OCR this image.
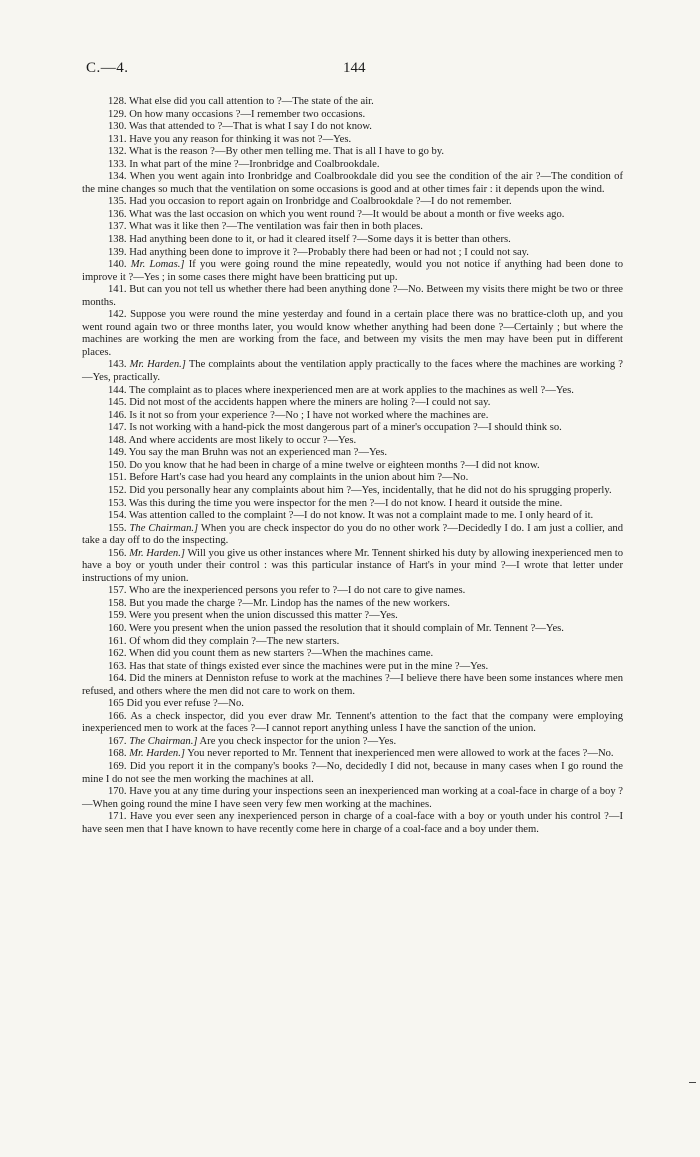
C.—4.	144

128. What else did you call attention to ?—The state of the air.

129. On how many occasions ?—I remember two occasions.

130. Was that attended to ?—That is what I say I do not know.

131. Have you any reason for thinking it was not ?—Yes.

132. What is the reason ?—By other men telling me. That is all I have to go by.

133. In what part of the mine ?—Ironbridge and Coalbrookdale.

134. When you went again into Ironbridge and Coalbrookdale did you see the condition of the air ?—The condition of the mine changes so much that the ventilation on some occasions is good and at other times fair : it depends upon the wind.

135. Had you occasion to report again on Ironbridge and Coalbrookdale ?—I do not remember.

136. What was the last occasion on which you went round ?—It would be about a month or five weeks ago.

137. What was it like then ?—The ventilation was fair then in both places.

138. Had anything been done to it, or had it cleared itself ?—Some days it is better than others.

139. Had anything been done to improve it ?—Probably there had been or had not ; I could not say.

140. Mr. Lomas.] If you were going round the mine repeatedly, would you not notice if anything had been done to improve it ?—Yes ; in some cases there might have been bratticing put up.

141. But can you not tell us whether there had been anything done ?—No. Between my visits there might be two or three months.

142. Suppose you were round the mine yesterday and found in a certain place there was no brattice-cloth up, and you went round again two or three months later, you would know whether anything had been done ?—Certainly ; but where the machines are working the men are working from the face, and between my visits the men may have been put in different places.

143. Mr. Harden.] The complaints about the ventilation apply practically to the faces where the machines are working ?—Yes, practically.

144. The complaint as to places where inexperienced men are at work applies to the machines as well ?—Yes.

145. Did not most of the accidents happen where the miners are holing ?—I could not say.

146. Is it not so from your experience ?—No ; I have not worked where the machines are.

147. Is not working with a hand-pick the most dangerous part of a miner's occupation ?—I should think so.

148. And where accidents are most likely to occur ?—Yes.

149. You say the man Bruhn was not an experienced man ?—Yes.

150. Do you know that he had been in charge of a mine twelve or eighteen months ?—I did not know.

151. Before Hart's case had you heard any complaints in the union about him ?—No.

152. Did you personally hear any complaints about him ?—Yes, incidentally, that he did not do his sprugging properly.

153. Was this during the time you were inspector for the men ?—I do not know. I heard it outside the mine.

154. Was attention called to the complaint ?—I do not know. It was not a complaint made to me. I only heard of it.

155. The Chairman.] When you are check inspector do you do no other work ?—Decidedly I do. I am just a collier, and take a day off to do the inspecting.

156. Mr. Harden.] Will you give us other instances where Mr. Tennent shirked his duty by allowing inexperienced men to have a boy or youth under their control : was this particular instance of Hart's in your mind ?—I wrote that letter under instructions of my union.

157. Who are the inexperienced persons you refer to ?—I do not care to give names.

158. But you made the charge ?—Mr. Lindop has the names of the new workers.

159. Were you present when the union discussed this matter ?—Yes.

160. Were you present when the union passed the resolution that it should complain of Mr. Tennent ?—Yes.

161. Of whom did they complain ?—The new starters.

162. When did you count them as new starters ?—When the machines came.

163. Has that state of things existed ever since the machines were put in the mine ?—Yes.

164. Did the miners at Denniston refuse to work at the machines ?—I believe there have been some instances where men refused, and others where the men did not care to work on them.

165 Did you ever refuse ?—No.

166. As a check inspector, did you ever draw Mr. Tennent's attention to the fact that the company were employing inexperienced men to work at the faces ?—I cannot report anything unless I have the sanction of the union.

167. The Chairman.] Are you check inspector for the union ?—Yes.

168. Mr. Harden.] You never reported to Mr. Tennent that inexperienced men were allowed to work at the faces ?—No.

169. Did you report it in the company's books ?—No, decidedly I did not, because in many cases when I go round the mine I do not see the men working the machines at all.

170. Have you at any time during your inspections seen an inexperienced man working at a coal-face in charge of a boy ?—When going round the mine I have seen very few men working at the machines.

171. Have you ever seen any inexperienced person in charge of a coal-face with a boy or youth under his control ?—I have seen men that I have known to have recently come here in charge of a coal-face and a boy under them.
